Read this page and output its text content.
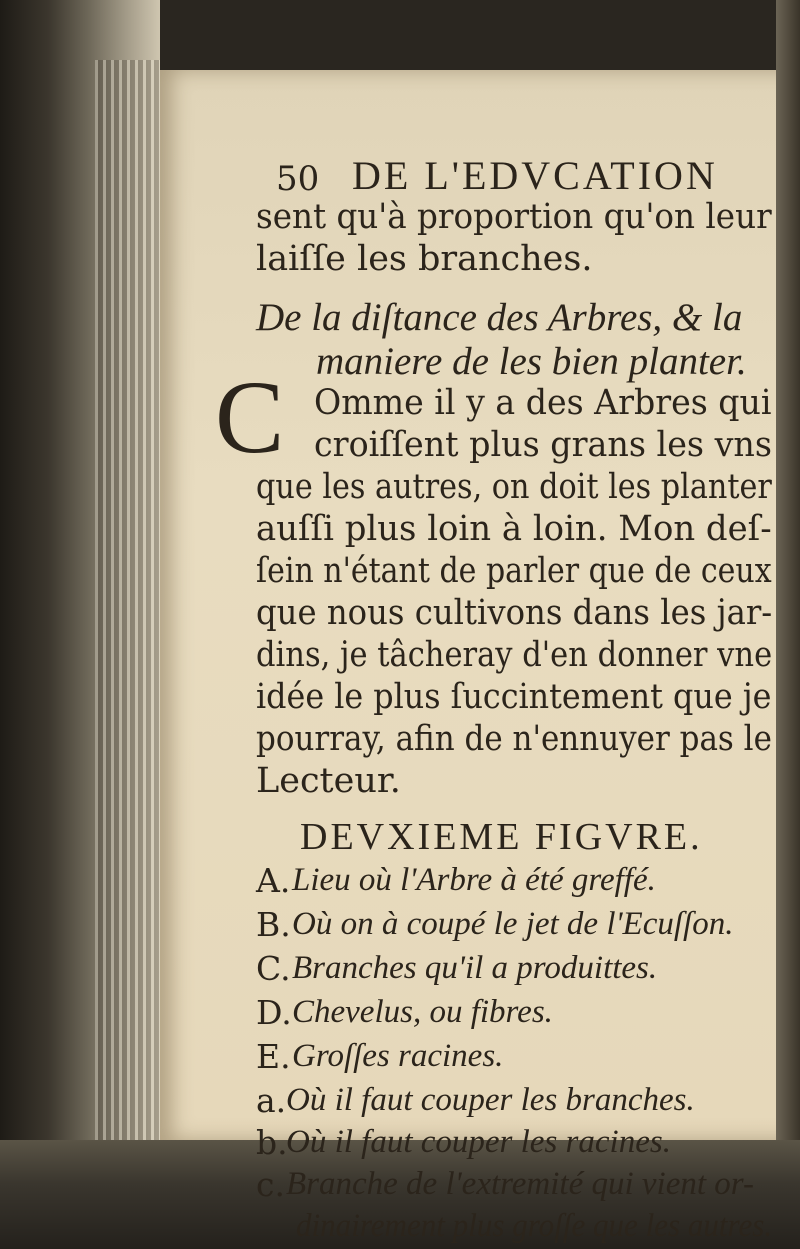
50 DE L'EDVCATION
sent qu'à proportion qu'on leur
laiſſe les branches.
De la diſtance des Arbres, & la
maniere de les bien planter.
C Omme il y a des Arbres qui
croiſſent plus grans les vns
que les autres, on doit les planter
auſſi plus loin à loin. Mon deſ-
ſein n'étant de parler que de ceux
que nous cultivons dans les jar-
dins, je tâcheray d'en donner vne
idée le plus ſuccintement que je
pourray, afin de n'ennuyer pas le
Lecteur.
DEVXIEME FIGVRE.
A. Lieu où l'Arbre à été greffé.
B. Où on à coupé le jet de l'Ecuſſon.
C. Branches qu'il a produittes.
D. Chevelus, ou fibres.
E. Groſſes racines.
a. Où il faut couper les branches.
b.
Où il faut couper les racines.
c. Branche de l'extremité qui vient or-
dinairement plus groſſe que les autres.
